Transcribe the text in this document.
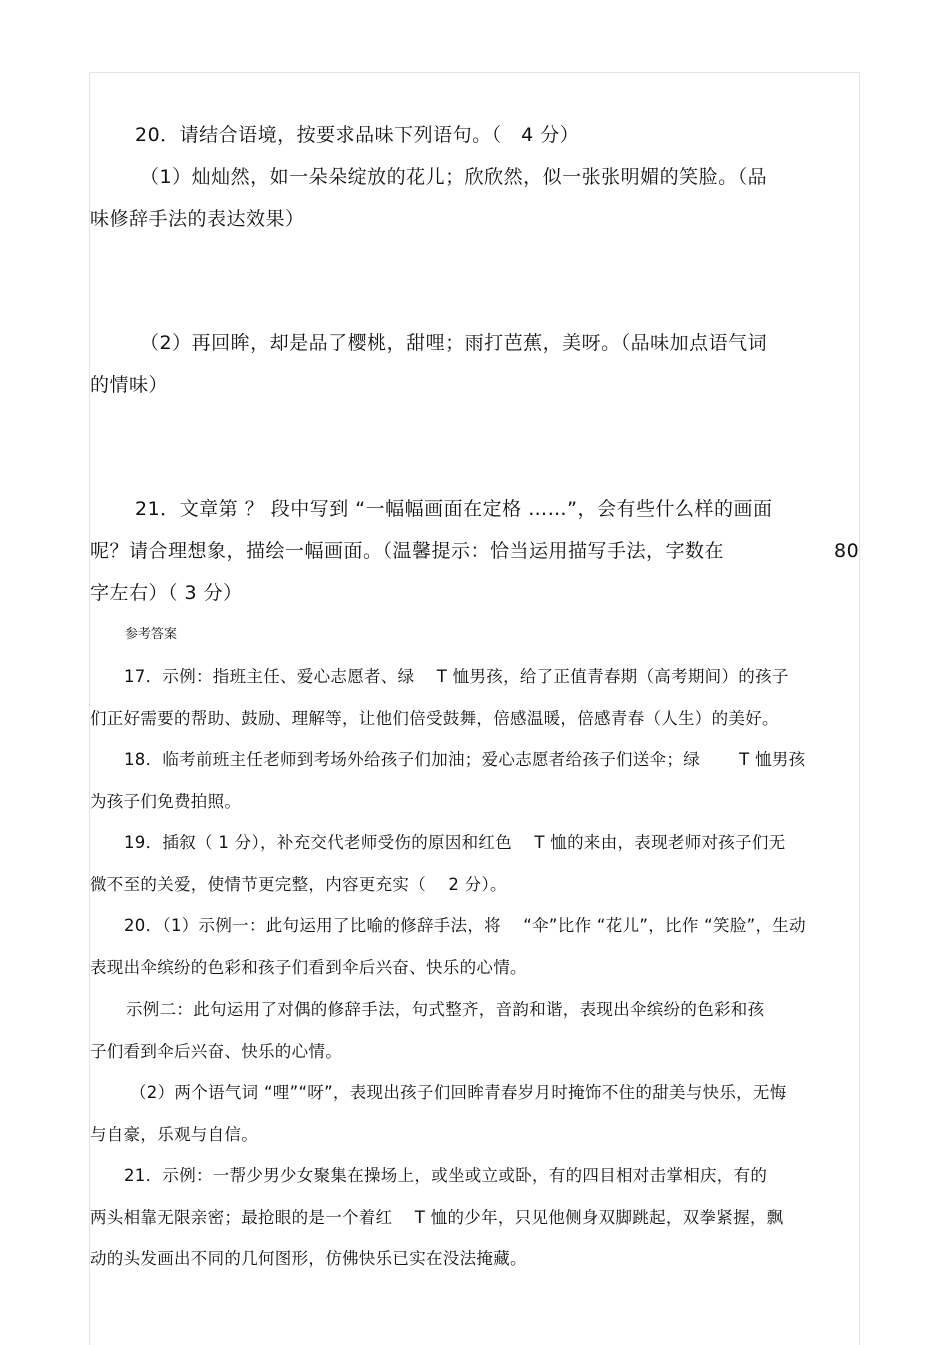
20．请结合语境，按要求品味下列语句。（　4 分）
（1）灿灿然，如一朵朵绽放的花儿；欣欣然，似一张张明媚的笑脸。（品
味修辞手法的表达效果）
（2）再回眸，却是品了樱桃，甜哩；雨打芭蕉，美呀。（品味加点语气词
的情味）
21．文章第 ？ 段中写到 “一幅幅画面在定格 ……”，会有些什么样的画面
呢？请合理想象，描绘一幅画面。（温馨提示：恰当运用描写手法，字数在	80
字左右）（ 3 分）
参考答案
17．示例：指班主任、爱心志愿者、绿　 T 恤男孩，给了正值青春期（高考期间）的孩子
们正好需要的帮助、鼓励、理解等，让他们倍受鼓舞，倍感温暖，倍感青春（人生）的美好。
18．临考前班主任老师到考场外给孩子们加油；爱心志愿者给孩子们送伞；绿　　 T 恤男孩
为孩子们免费拍照。
19．插叙（ 1 分），补充交代老师受伤的原因和红色　 T 恤的来由，表现老师对孩子们无
微不至的关爱，使情节更完整，内容更充实（　 2 分）。
20．（1）示例一：此句运用了比喻的修辞手法，将　 “伞”比作 “花儿”，比作 “笑脸”，生动
表现出伞缤纷的色彩和孩子们看到伞后兴奋、快乐的心情。
示例二：此句运用了对偶的修辞手法，句式整齐，音韵和谐，表现出伞缤纷的色彩和孩
子们看到伞后兴奋、快乐的心情。
（2）两个语气词 “哩”“呀”，表现出孩子们回眸青春岁月时掩饰不住的甜美与快乐，无悔
与自豪，乐观与自信。
21．示例：一帮少男少女聚集在操场上，或坐或立或卧，有的四目相对击掌相庆，有的
两头相靠无限亲密；最抢眼的是一个着红　 T 恤的少年，只见他侧身双脚跳起，双拳紧握，飘
动的头发画出不同的几何图形，仿佛快乐已实在没法掩藏。
